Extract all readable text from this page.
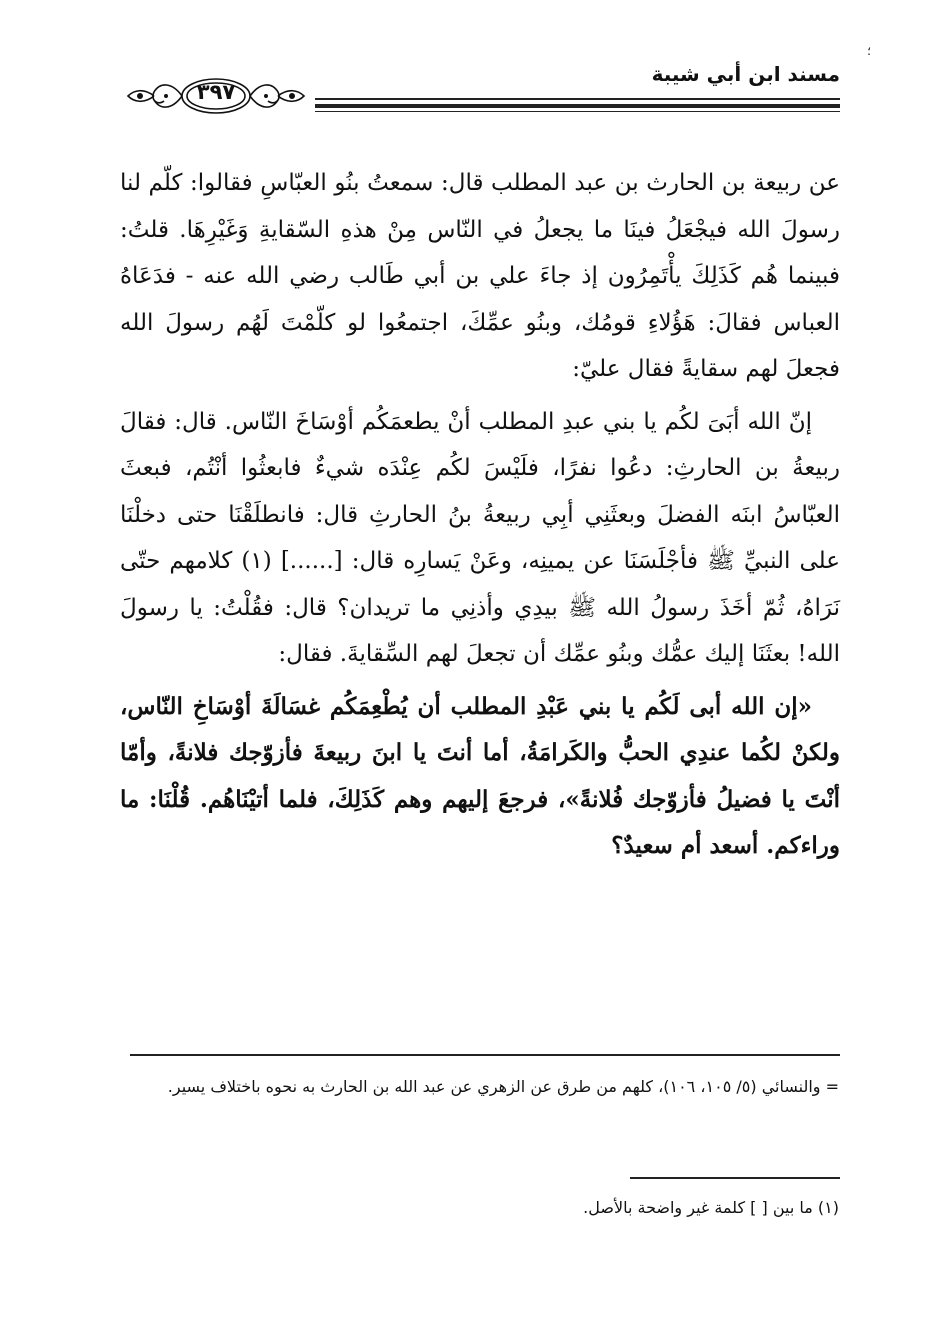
؛
مسند ابن أبي شيبة
٣٩٧

عن ربيعة بن الحارث بن عبد المطلب قال: سمعتُ بنُو العبّاسِ فقالوا: كلّم لنا رسولَ الله فيجْعَلُ فينَا ما يجعلُ في النّاس مِنْ هذهِ السّقايةِ وَغَيْرِهَا. قلتُ: فبينما هُم كَذَلِكَ يأْتَمِرُون إذ جاءَ علي بن أبي طَالب رضي الله عنه - فدَعَاهُ العباس فقالَ: هَؤُلاءِ قومُك، وبنُو عمِّكَ، اجتمعُوا لو كلّمْتَ لَهُم رسولَ الله فجعلَ لهم سقايةً فقال عليّ:

إنّ الله أبَىَ لكُم يا بني عبدِ المطلب أنْ يطعمَكُم أوْسَاخَ النّاس. قال: فقالَ ربيعةُ بن الحارثِ: دعُوا نفرًا، فلَيْسَ لكُم عِنْدَه شيءٌ فابعثُوا أنْتُم، فبعثَ العبّاسُ ابنَه الفضلَ وبعثَنِي أبِي ربيعةُ بنُ الحارثِ قال: فانطلَقْنَا حتى دخلْنَا على النبيِّ ﷺ فأجْلَسَنَا عن يمينِه، وعَنْ يَسارِه قال: [......] (١) كلامهم حتّى نَرَاهُ، ثُمّ أخَذَ رسولُ الله ﷺ بيدِي وأذنِي ما تريدان؟ قال: فقُلْتُ: يا رسولَ الله! بعثَنَا إليك عمُّك وبنُو عمِّك أن تجعلَ لهم السِّقايةَ. فقال:

«إن الله أبى لَكُم يا بني عَبْدِ المطلب أن يُطْعِمَكُم غسَالَةَ أوْسَاخِ النّاس، ولكنْ لكُما عندِي الحبُّ والكَرامَةُ، أما أنتَ يا ابنَ ربيعةَ فأزوّجك فلانةً، وأمّا أنْتَ يا فضيلُ فأزوّجك فُلانةً»، فرجعَ إليهم وهم كَذَلِكَ، فلما أتيْنَاهُم. قُلْنَا: ما وراءكم. أسعد أم سعيدٌ؟

= والنسائي (٥/ ١٠٥، ١٠٦)، كلهم من طرق عن الزهري عن عبد الله بن الحارث به نحوه باختلاف يسير.
(١) ما بين [ ] كلمة غير واضحة بالأصل.
